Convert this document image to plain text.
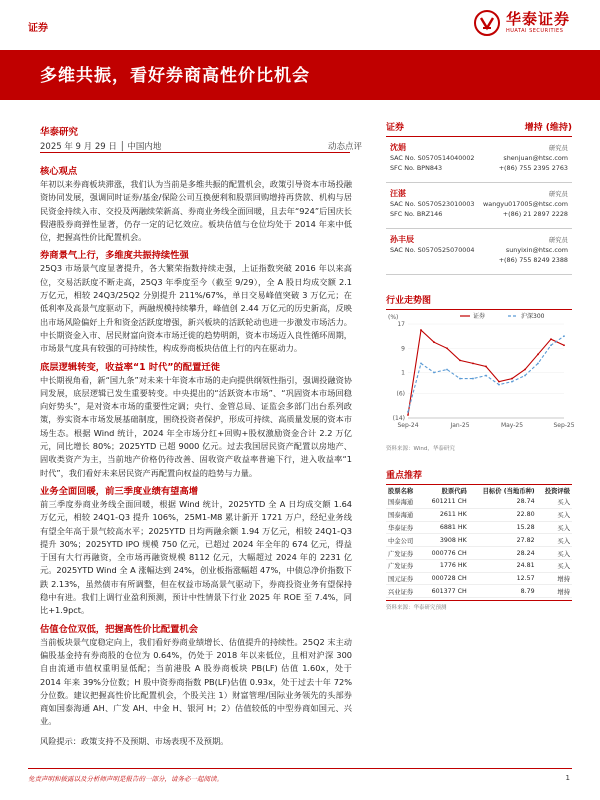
证券
华泰证券
HUATAI SECURITIES
多维共振，看好券商高性价比机会
华泰研究
2025 年 9 月 29 日 │ 中国内地	动态点评
核心观点
年初以来券商板块滞涨，我们认为当前是多维共振的配置机会，政策引导资本市场投融资协同发展，强调同时证券/基金/保险公司互换便利和股票回购增持再贷款、机构与居民资金持续入市、交投及两融续荣新高、券商业务线全面回暖，且去年“924”后国庆长假港股券商弹性显著，仍存一定的记忆效应。板块估值与仓位均处于 2014 年来中低位，把握高性价比配置机会。
券商景气上行，多维度共振持续性强
25Q3 市场景气度显著提升，各大繁荣指数持续走强，上证指数突破 2016 年以来高位，交易活跃度不断走高，25Q3 年季度至今（截至 9/29），全 A 股日均成交额 2.1 万亿元，相较 24Q3/25Q2 分别提升 211%/67%，单日交易峰值突破 3 万亿元；在低利率及高景气度驱动下，两融规模持续攀升，峰值创 2.44 万亿元的历史新高，反映出市场风险偏好上升和资金活跃度增强，新兴板块的活跃轮动也进一步激发市场活力。中长期资金入市、居民财富向资本市场迁徙的趋势明朗，资本市场迈入良性循环周期，市场景气度具有较强的可持续性，构成券商板块估值上行的内在驱动力。
底层逻辑转变，收益率“1 时代”的配置迁徙
中长期视角看，新“国九条”对未来十年资本市场的走向提供纲领性指引，强调投融资协同发展，底层逻辑已发生重要转变。中央提出的“活跃资本市场”、“巩固资本市场回稳向好势头”，是对资本市场的重要性定调；央行、金管总局、证监会多部门出台系列政策，券实资本市场发展基础制度，围绕投资者保护，形成可持续、高质量发展的资本市场生态。根据 Wind 统计，2024 年全市场分红+回购+股权激励资金合计 2.2 万亿元，同比增长 80%；2025YTD 已超 9000 亿元。过去我国居民资产配置以房地产、固收类资产为主，当前地产价格仍待改善、固收资产收益率普遍下行，进入收益率“1 时代”，我们看好未来居民资产再配置向权益的趋势与力量。
业务全面回暖，前三季度业绩有望高增
前三季度券商业务线全面回暖，根据 Wind 统计，2025YTD 全 A 日均成交额 1.64 万亿元，相较 24Q1-Q3 提升 106%，25M1-M8 累计新开 1721 万户，经纪业务线有望全年高于景气较高水平；2025YTD 日均两融余额 1.94 万亿元，相较 24Q1-Q3 提升 30%；2025YTD IPO 规模 750 亿元，已超过 2024 年全年的 674 亿元，得益于国有大行再融资，全市场再融资规模 8112 亿元，大幅超过 2024 年的 2231 亿元。2025YTD Wind 全 A 涨幅达到 24%，创业板指涨幅超 47%，中债总净价指数下跌 2.13%，虽然债市有所调整，但在权益市场高景气驱动下，券商投资业务有望保持稳中有进。我们上调行业盈利预测，预计中性情景下行业 2025 年 ROE 至 7.4%，同比+1.9pct。
估值仓位双低，把握高性价比配置机会
当前板块景气度稳定向上，我们看好券商业绩增长、估值提升的持续性。25Q2 末主动偏股基金持有券商股的仓位为 0.64%，仍处于 2018 年以来低位，且相对沪深 300 自由流通市值权重明显低配；当前港股 A 股券商板块 PB(LF) 估值 1.60x，处于 2014 年来 39%分位数；H 股中资券商指数 PB(LF)估值 0.93x，处于过去十年 72%分位数。建议把握高性价比配置机会，个股关注 1）财富管理/国际业务领先的头部券商如国泰海通 AH、广发 AH、中金 H、银河 H；2）估值较低的中型券商如国元、兴业。
风险提示：政策支持不及预期、市场表现不及预期。
证券	增持 (维持)
沈娟	研究员
SAC No. S0570514040002	shenjuan@htsc.com
SFC No. BPN843	+(86) 755 2395 2763
汪湛	研究员
SAC No. S0570523010003 wangyu017005@htsc.com
SFC No. BRZ146	+(86) 21 2897 2228
孙丰辰	研究员
SAC No. S0570525070004	sunyixin@htsc.com
+(86) 755 8249 2388
行业走势图
(%)
17
9
1
(6)
(14)
Sep-24	Jan-25	May-25	Sep-25
证券	沪深300
资料来源：Wind，华泰研究
重点推荐
股票名称	股票代码	目标价 (当地币种)	投资评级
国泰海通	601211 CH	28.74	买入
国泰海通	2611 HK	22.80	买入
华泰证券	6881 HK	15.28	买入
中金公司	3908 HK	27.82	买入
广发证券	000776 CH	28.24	买入
广发证券	1776 HK	24.81	买入
国元证券	000728 CH	12.57	增持
兴业证券	601377 CH	8.79	增持
资料来源：华泰研究预测
免责声明和披露以及分析师声明是报告的一部分，请务必一起阅读。	1
